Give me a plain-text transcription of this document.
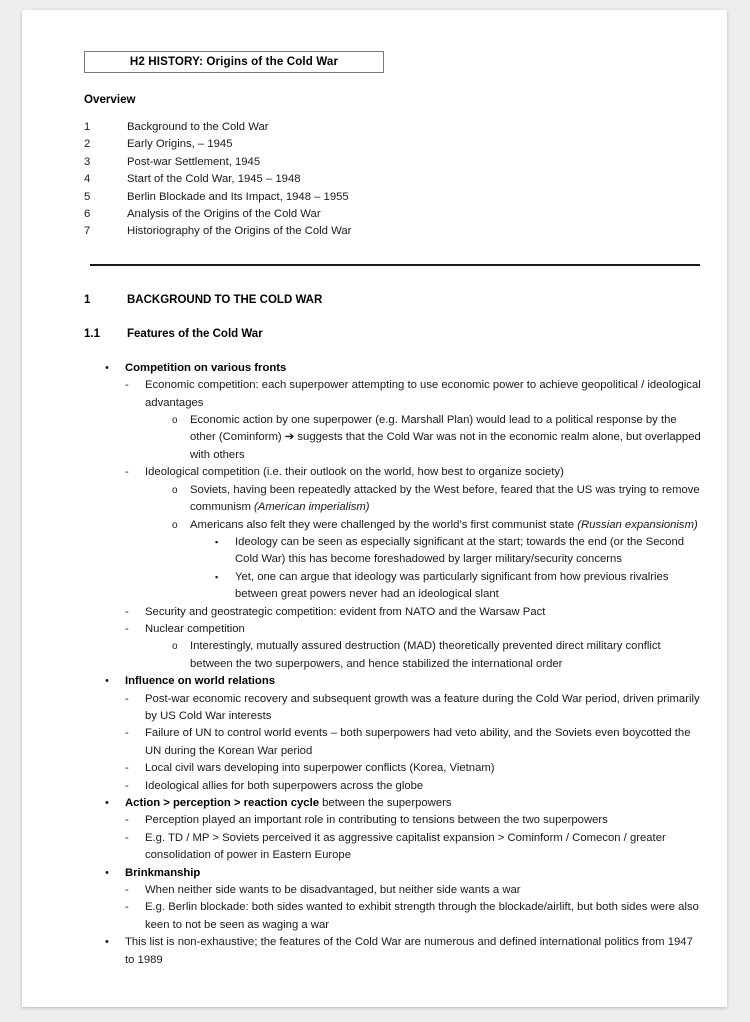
H2 HISTORY: Origins of the Cold War
Overview
1	Background to the Cold War
2	Early Origins, – 1945
3	Post-war Settlement, 1945
4	Start of the Cold War, 1945 – 1948
5	Berlin Blockade and Its Impact, 1948 – 1955
6	Analysis of the Origins of the Cold War
7	Historiography of the Origins of the Cold War
1	BACKGROUND TO THE COLD WAR
1.1	Features of the Cold War
•	Competition on various fronts
-	Economic competition: each superpower attempting to use economic power to achieve geopolitical / ideological advantages
o	Economic action by one superpower (e.g. Marshall Plan) would lead to a political response by the other (Cominform) ➔ suggests that the Cold War was not in the economic realm alone, but overlapped with others
-	Ideological competition (i.e. their outlook on the world, how best to organize society)
o	Soviets, having been repeatedly attacked by the West before, feared that the US was trying to remove communism (American imperialism)
o	Americans also felt they were challenged by the world’s first communist state (Russian expansionism)
▪	Ideology can be seen as especially significant at the start; towards the end (or the Second Cold War) this has become foreshadowed by larger military/security concerns
▪	Yet, one can argue that ideology was particularly significant from how previous rivalries between great powers never had an ideological slant
-	Security and geostrategic competition: evident from NATO and the Warsaw Pact
-	Nuclear competition
o	Interestingly, mutually assured destruction (MAD) theoretically prevented direct military conflict between the two superpowers, and hence stabilized the international order
•	Influence on world relations
-	Post-war economic recovery and subsequent growth was a feature during the Cold War period, driven primarily by US Cold War interests
-	Failure of UN to control world events – both superpowers had veto ability, and the Soviets even boycotted the UN during the Korean War period
-	Local civil wars developing into superpower conflicts (Korea, Vietnam)
-	Ideological allies for both superpowers across the globe
•	Action > perception > reaction cycle between the superpowers
-	Perception played an important role in contributing to tensions between the two superpowers
-	E.g. TD / MP > Soviets perceived it as aggressive capitalist expansion > Cominform / Comecon / greater consolidation of power in Eastern Europe
•	Brinkmanship
-	When neither side wants to be disadvantaged, but neither side wants a war
-	E.g. Berlin blockade: both sides wanted to exhibit strength through the blockade/airlift, but both sides were also keen to not be seen as waging a war
•	This list is non-exhaustive; the features of the Cold War are numerous and defined international politics from 1947 to 1989
